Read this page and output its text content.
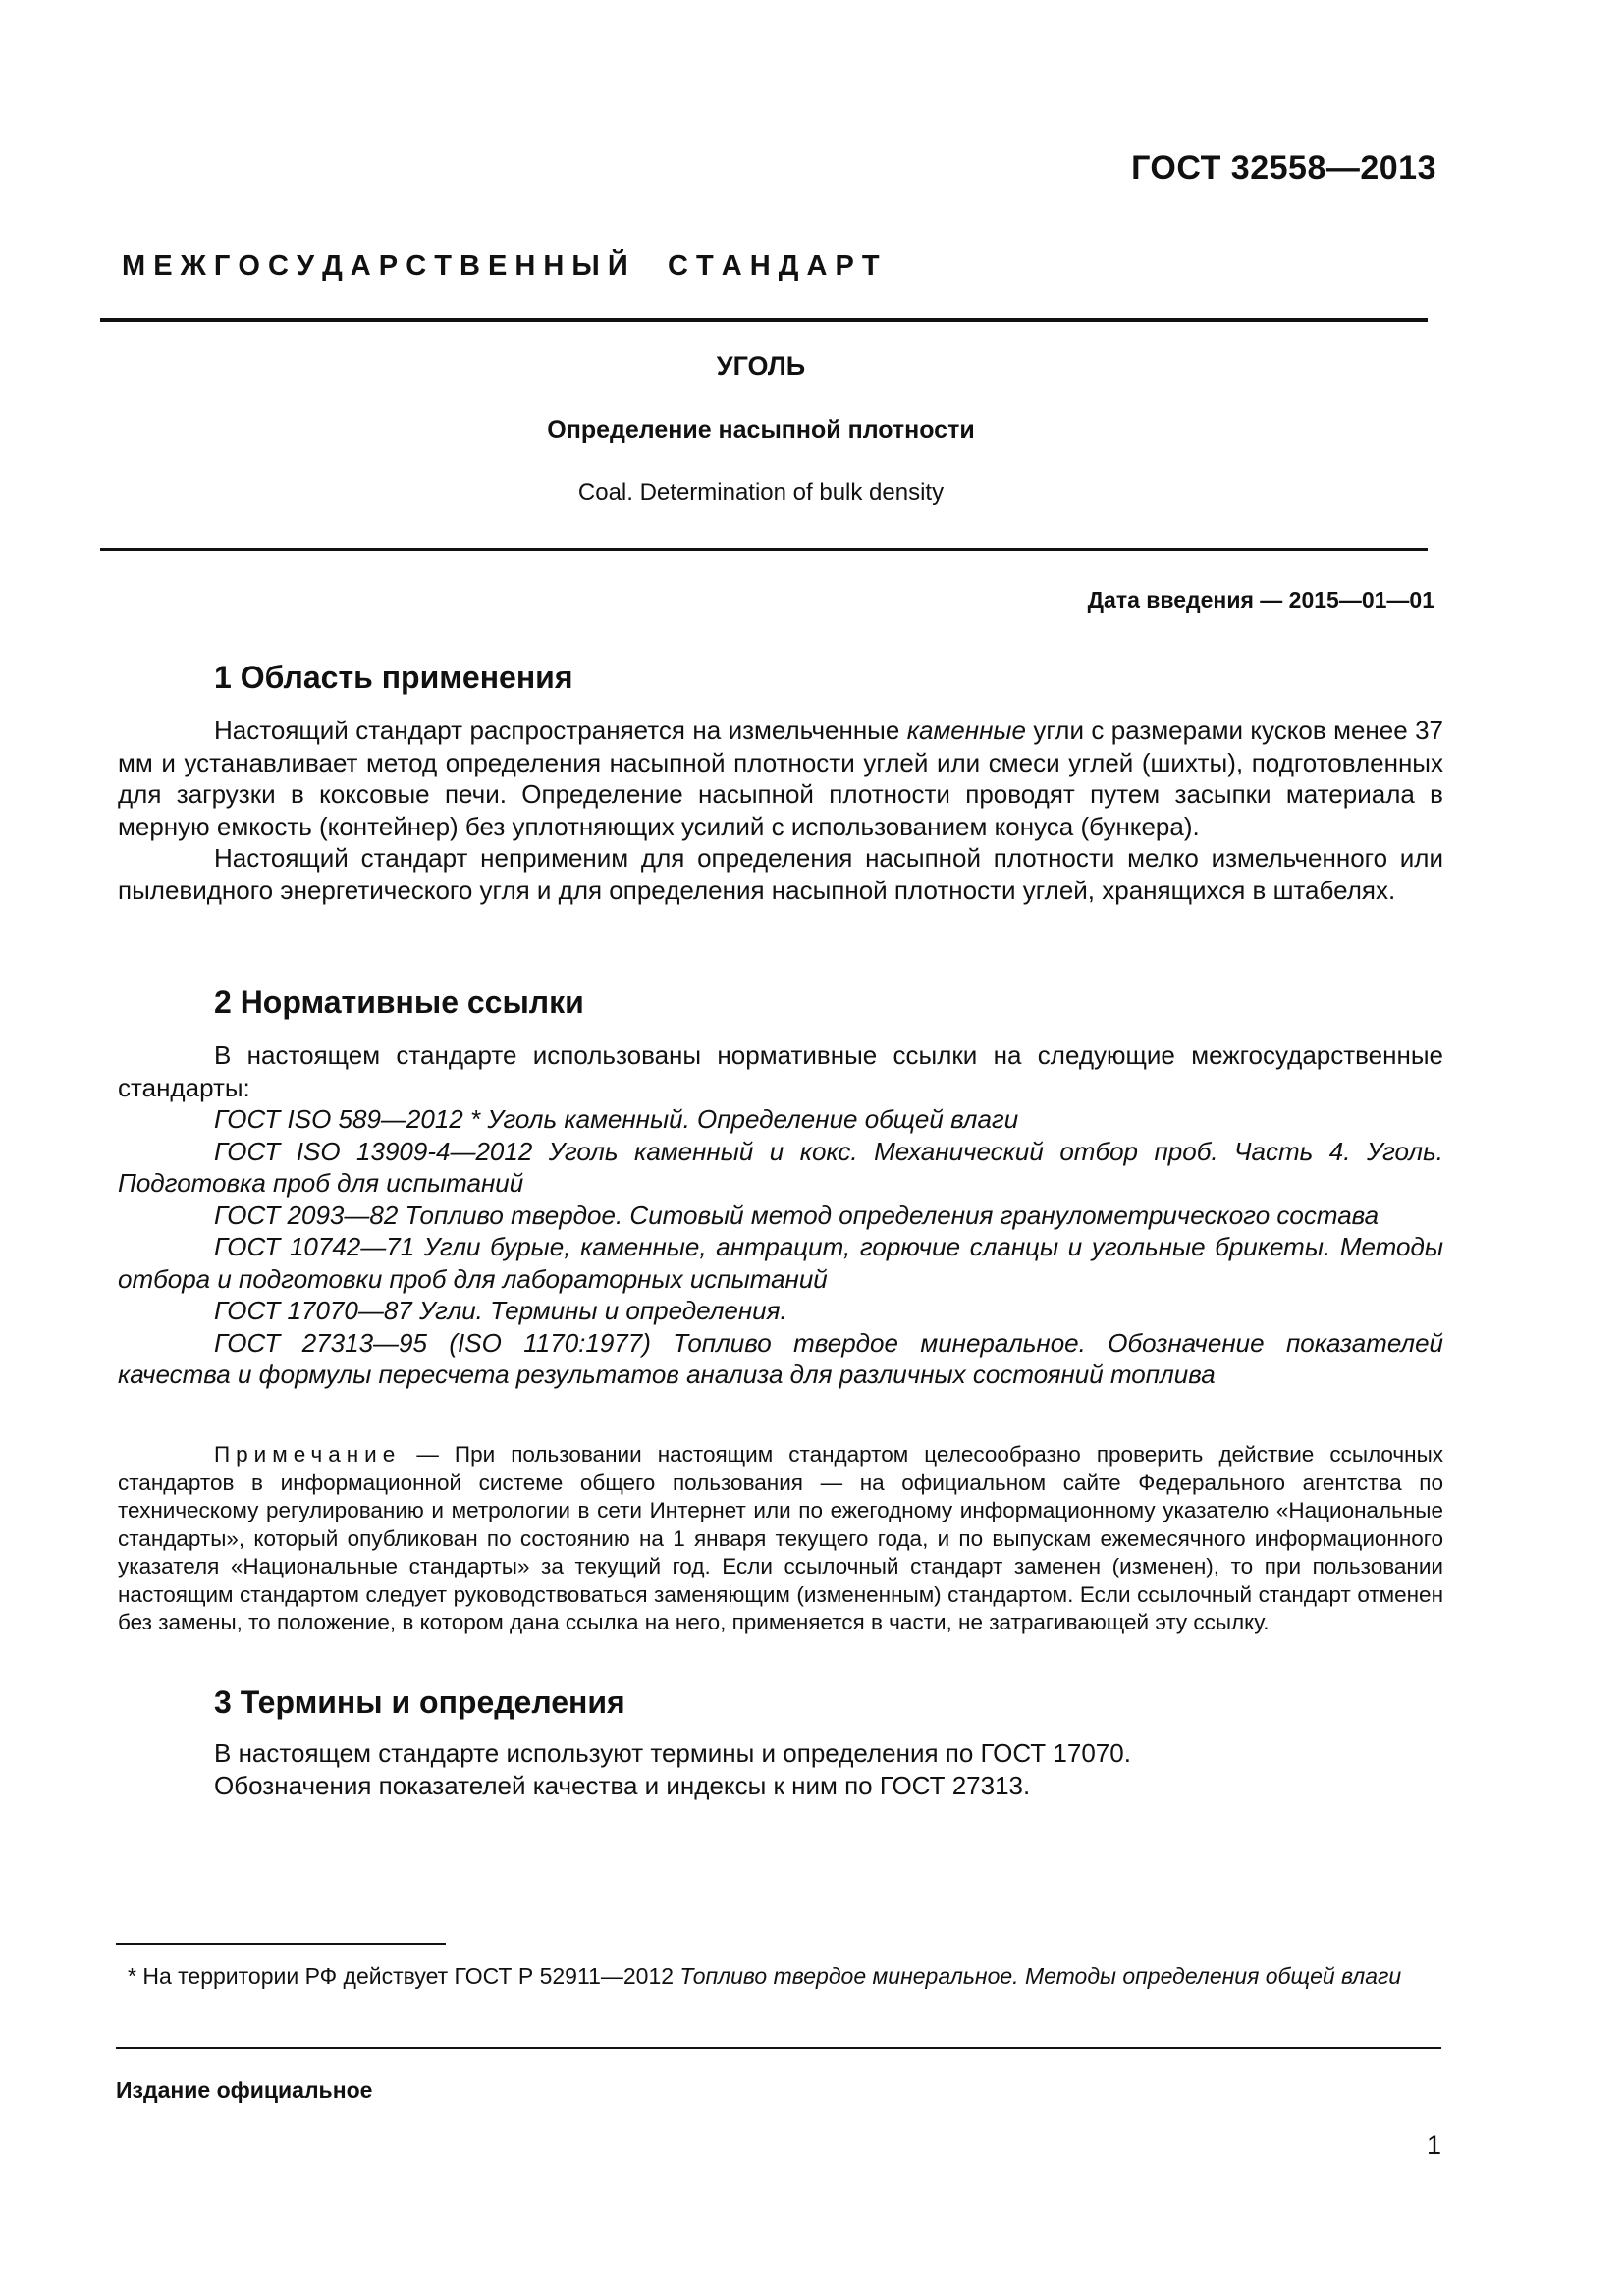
ГОСТ 32558—2013
М Е Ж Г О С У Д А Р С Т В Е Н Н Ы Й     С Т А Н Д А Р Т
УГОЛЬ
Определение насыпной плотности
Coal. Determination of bulk density
Дата введения — 2015—01—01
1 Область применения

Настоящий стандарт распространяется на измельченные каменные угли с размерами кусков менее 37 мм и устанавливает метод определения насыпной плотности углей или смеси углей (шихты), подготовленных для загрузки в коксовые печи. Определение насыпной плотности проводят путем засыпки материала в мерную емкость (контейнер) без уплотняющих усилий с использованием конуса (бункера).

Настоящий стандарт неприменим для определения насыпной плотности мелко измельченного или пылевидного энергетического угля и для определения насыпной плотности углей, хранящихся в штабелях.

2 Нормативные ссылки

В настоящем стандарте использованы нормативные ссылки на следующие межгосударственные стандарты:

ГОСТ ISO 589—2012 * Уголь каменный. Определение общей влаги

ГОСТ ISO 13909-4—2012 Уголь каменный и кокс. Механический отбор проб. Часть 4. Уголь. Подготовка проб для испытаний

ГОСТ 2093—82 Топливо твердое. Ситовый метод определения гранулометрического состава

ГОСТ 10742—71 Угли бурые, каменные, антрацит, горючие сланцы и угольные брикеты. Методы отбора и подготовки проб для лабораторных испытаний

ГОСТ 17070—87 Угли. Термины и определения.

ГОСТ 27313—95 (ISO 1170:1977) Топливо твердое минеральное. Обозначение показателей качества и формулы пересчета результатов анализа для различных состояний топлива

Примечание — При пользовании настоящим стандартом целесообразно проверить действие ссылочных стандартов в информационной системе общего пользования — на официальном сайте Федерального агентства по техническому регулированию и метрологии в сети Интернет или по ежегодному информационному указателю «Национальные стандарты», который опубликован по состоянию на 1 января текущего года, и по выпускам ежемесячного информационного указателя «Национальные стандарты» за текущий год. Если ссылочный стандарт заменен (изменен), то при пользовании настоящим стандартом следует руководствоваться заменяющим (измененным) стандартом. Если ссылочный стандарт отменен без замены, то положение, в котором дана ссылка на него, применяется в части, не затрагивающей эту ссылку.

3 Термины и определения

В настоящем стандарте используют термины и определения по ГОСТ 17070.

Обозначения показателей качества и индексы к ним по ГОСТ 27313.

* На территории РФ действует ГОСТ Р 52911—2012 Топливо твердое минеральное. Методы определения общей влаги
Издание официальное
1
